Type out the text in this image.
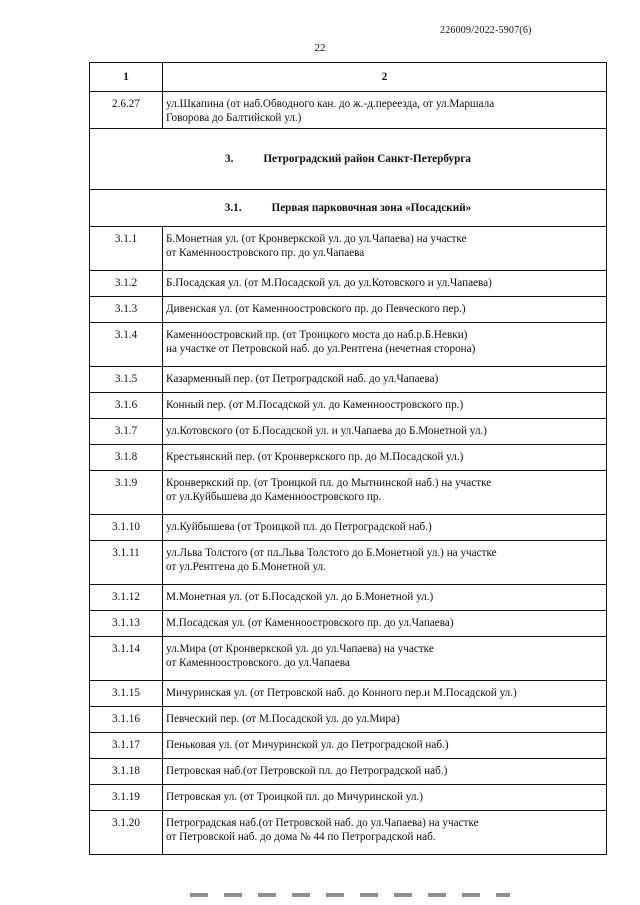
226009/2022-5907(6)
22
1	2
2.6.27	ул.Шкапина (от наб.Обводного кан. до ж.-д.переезда, от ул.Маршала
Говорова до Балтийской ул.)

3. Петроградский район Санкт-Петербурга	
3.1. Первая парковочная зона «Посадский»	
3.1.1	Б.Монетная ул. (от Кронверкской ул. до ул.Чапаева) на участке
от Каменноостровского пр. до ул.Чапаева

3.1.2	Б.Посадская ул. (от М.Посадской ул. до ул.Котовского и ул.Чапаева)

3.1.3	Дивенская ул. (от Каменноостровского пр. до Певческого пер.)

3.1.4	Каменноостровский пр. (от Троицкого моста до наб.р.Б.Невки)
на участке от Петровской наб. до ул.Рентгена (нечетная сторона)

3.1.5	Казарменный пер. (от Петроградской наб. до ул.Чапаева)

3.1.6	Конный пер. (от М.Посадской ул. до Каменноостровского пр.)

3.1.7	ул.Котовского (от Б.Посадской ул. и ул.Чапаева до Б.Монетной ул.)

3.1.8	Крестьянский пер. (от Кронверкского пр. до М.Посадской ул.)

3.1.9	Кронверкский пр. (от Троицкой пл. до Мытнинской наб.) на участке
от ул.Куйбышева до Каменноостровского пр.

3.1.10	ул.Куйбышева (от Троицкой пл. до Петроградской наб.)

3.1.11	ул.Льва Толстого (от пл.Льва Толстого до Б.Монетной ул.) на участке
от ул.Рентгена до Б.Монетной ул.

3.1.12	М.Монетная ул. (от Б.Посадской ул. до Б.Монетной ул.)

3.1.13	М.Посадская ул. (от Каменноостровского пр. до ул.Чапаева)

3.1.14	ул.Мира (от Кронверкской ул. до ул.Чапаева) на участке
от Каменноостровского. до ул.Чапаева

3.1.15	Мичуринская ул. (от Петровской наб. до Конного пер.и М.Посадской ул.)

3.1.16	Певческий пер. (от М.Посадской ул. до ул.Мира)

3.1.17	Пеньковая ул. (от Мичуринской ул. до Петроградской наб.)

3.1.18	Петровская наб.(от Петровской пл. до Петроградской наб.)

3.1.19	Петровская ул. (от Троицкой пл. до Мичуринской ул.)

3.1.20	Петроградская наб.(от Петровской наб. до ул.Чапаева) на участке
от Петровской наб. до дома № 44 по Петроградской наб.
